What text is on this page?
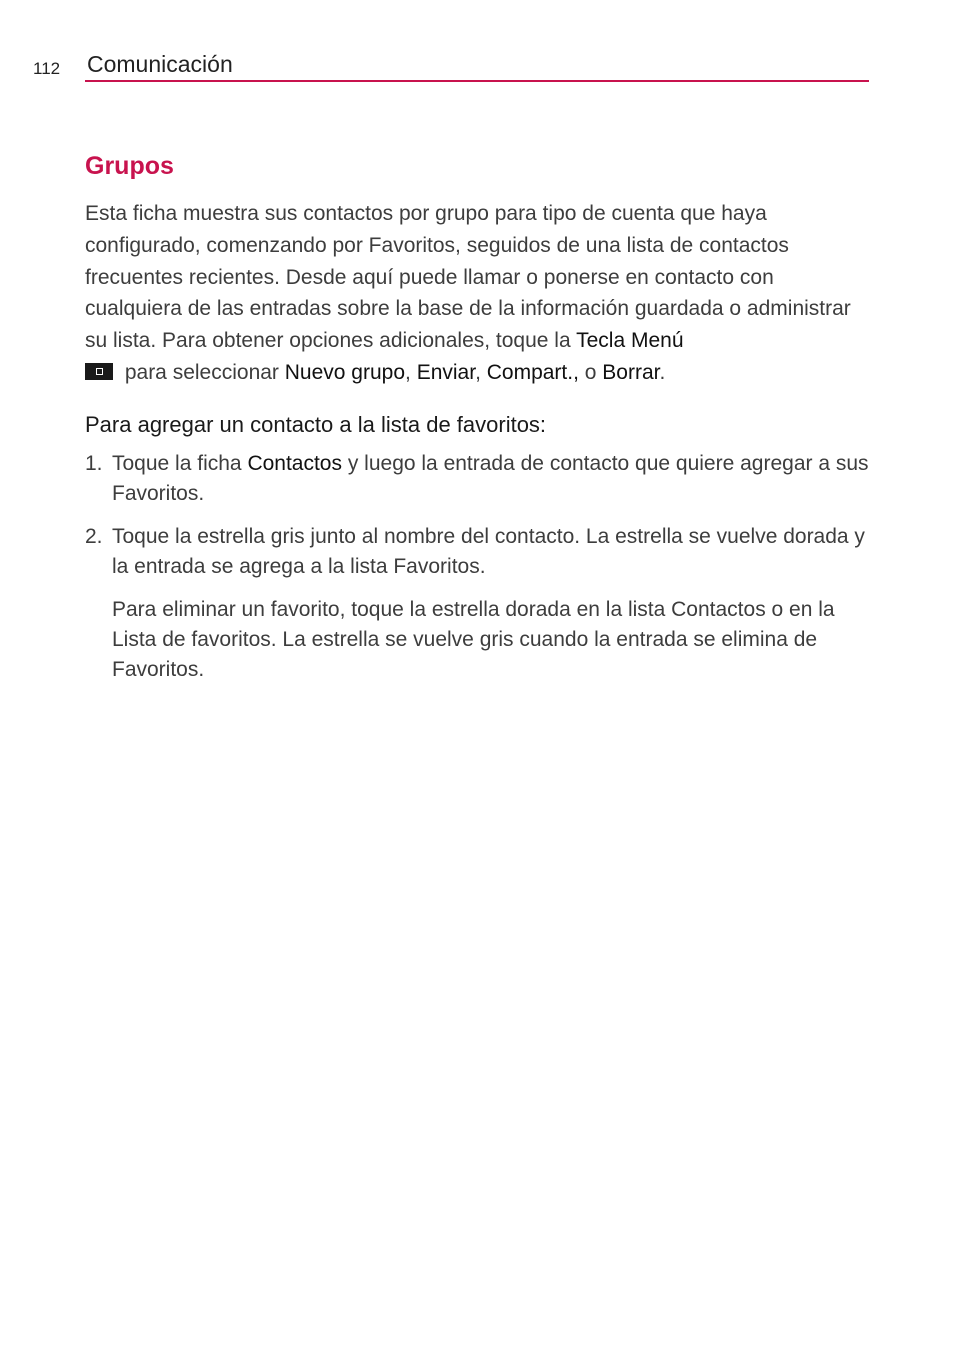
112 Comunicación
Grupos

Esta ficha muestra sus contactos por grupo para tipo de cuenta que haya configurado, comenzando por Favoritos, seguidos de una lista de contactos frecuentes recientes. Desde aquí puede llamar o ponerse en contacto con cualquiera de las entradas sobre la base de la información guardada o administrar su lista. Para obtener opciones adicionales, toque la Tecla Menú
para seleccionar Nuevo grupo, Enviar, Compart., o Borrar.

Para agregar un contacto a la lista de favoritos:
1. Toque la ficha Contactos y luego la entrada de contacto que quiere agregar a sus Favoritos.
2. Toque la estrella gris junto al nombre del contacto. La estrella se vuelve dorada y la entrada se agrega a la lista Favoritos.

Para eliminar un favorito, toque la estrella dorada en la lista Contactos o en la Lista de favoritos. La estrella se vuelve gris cuando la entrada se elimina de Favoritos.
